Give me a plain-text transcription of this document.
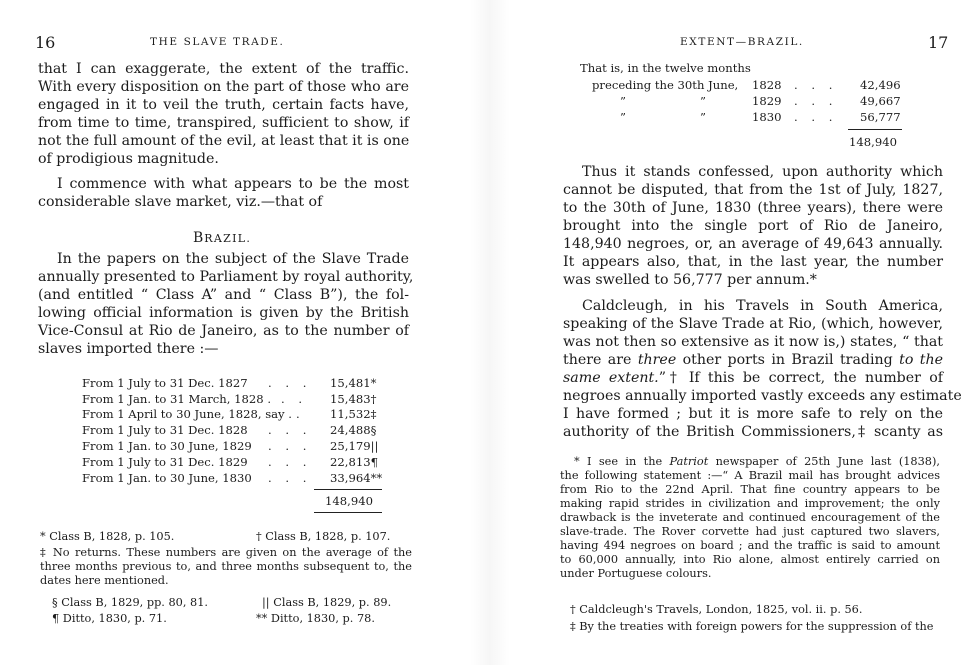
16	THE SLAVE TRADE.
that I can exaggerate, the extent of the traffic.
With every disposition on the part of those who are
engaged in it to veil the truth, certain facts have,
from time to time, transpired, sufficient to show, if
not the full amount of the evil, at least that it is one
of prodigious magnitude.
I commence with what appears to be the most
considerable slave market, viz.—that of
BRAZIL.
In the papers on the subject of the Slave Trade
annually presented to Parliament by royal authority,
(and entitled “ Class A” and “ Class B”), the fol-
lowing official information is given by the British
Vice-Consul at Rio de Janeiro, as to the number of
slaves imported there :—
From 1 July to 31 Dec. 1827 . . . 15,481*
From 1 Jan. to 31 March, 1828 . . . 15,483†
From 1 April to 30 June, 1828, say . . 11,532‡
From 1 July to 31 Dec. 1828 . . . 24,488§
From 1 Jan. to 30 June, 1829 . . . 25,179||
From 1 July to 31 Dec. 1829 . . . 22,813¶
From 1 Jan. to 30 June, 1830 . . . 33,964**
148,940
* Class B, 1828, p. 105.	† Class B, 1828, p. 107.
‡ No returns. These numbers are given on the average of the
three months previous to, and three months subsequent to, the
dates here mentioned.
§ Class B, 1829, pp. 80, 81.	|| Class B, 1829, p. 89.
¶ Ditto, 1830, p. 71.	** Ditto, 1830, p. 78.
EXTENT—BRAZIL.	17
That is, in the twelve months
preceding the 30th June, 1828 . . . 42,496
”	”	1829 . . . 49,667
”	”	1830 . . . 56,777
148,940
Thus it stands confessed, upon authority which
cannot be disputed, that from the 1st of July, 1827,
to the 30th of June, 1830 (three years), there were
brought into the single port of Rio de Janeiro,
148,940 negroes, or, an average of 49,643 annually.
It appears also, that, in the last year, the number
was swelled to 56,777 per annum.*
Caldcleugh, in his Travels in South America,
speaking of the Slave Trade at Rio, (which, however,
was not then so extensive as it now is,) states, “ that
there are three other ports in Brazil trading to the
same extent.”† If this be correct, the number of
negroes annually imported vastly exceeds any estimate
I have formed ; but it is more safe to rely on the
authority of the British Commissioners,‡ scanty as
* I see in the Patriot newspaper of 25th June last (1838),
the following statement :—“ A Brazil mail has brought advices
from Rio to the 22nd April. That fine country appears to be
making rapid strides in civilization and improvement; the only
drawback is the inveterate and continued encouragement of the
slave-trade. The Rover corvette had just captured two slavers,
having 494 negroes on board ; and the traffic is said to amount
to 60,000 annually, into Rio alone, almost entirely carried on
under Portuguese colours.
† Caldcleugh's Travels, London, 1825, vol. ii. p. 56.
‡ By the treaties with foreign powers for the suppression of the
